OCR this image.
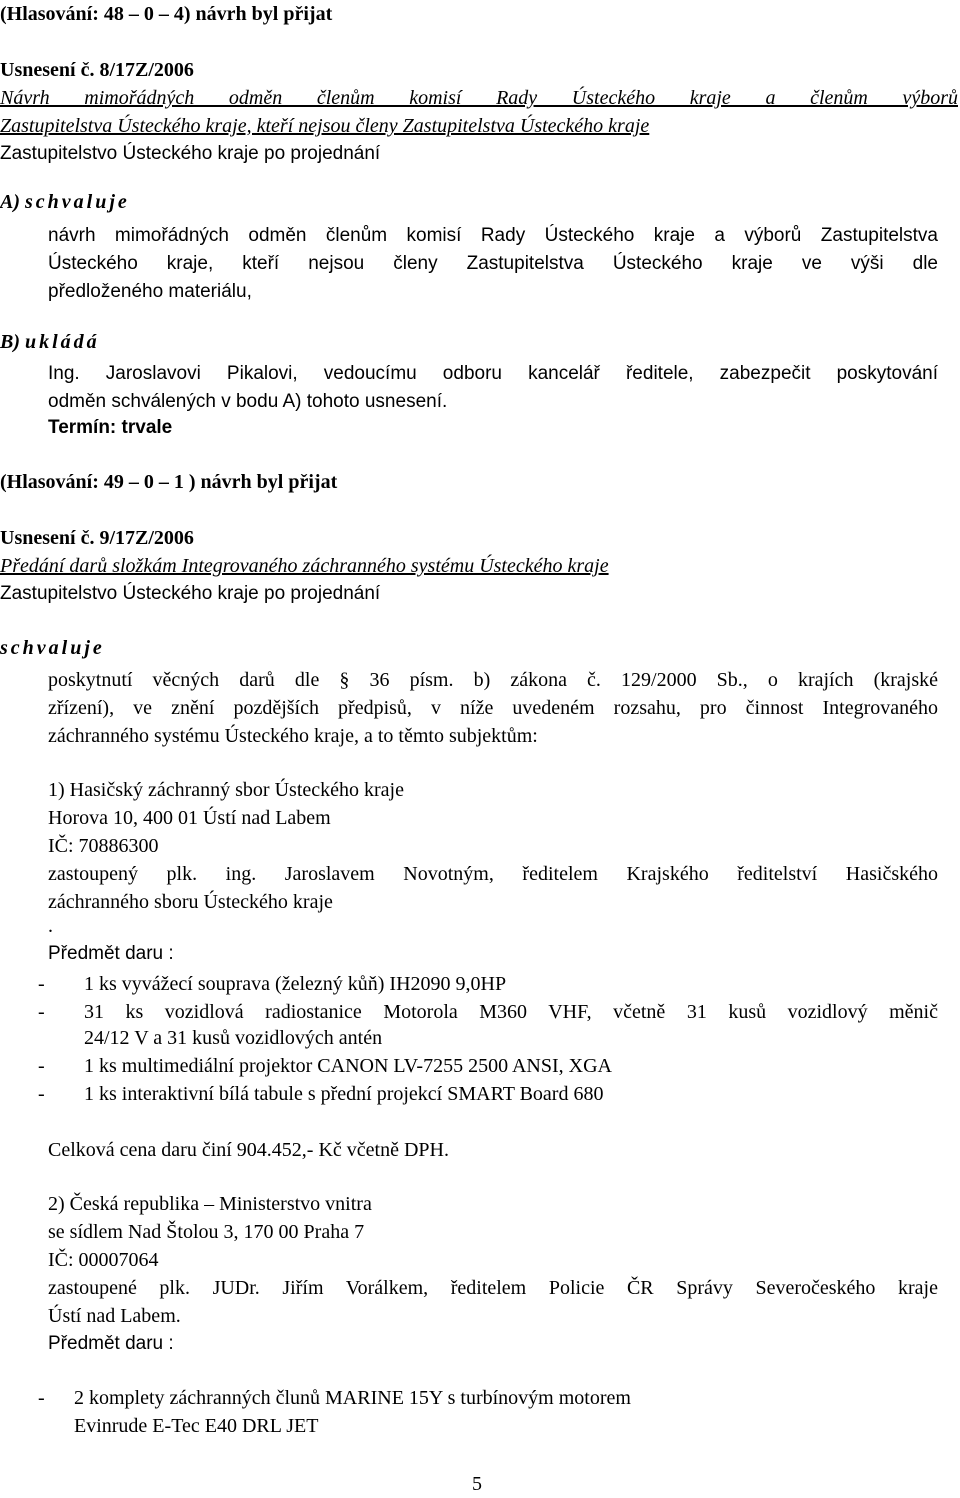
(Hlasování: 48 – 0 – 4) návrh byl přijat
Usnesení č. 8/17Z/2006
Návrh mimořádných odměn členům komisí Rady Ústeckého kraje a členům výborů
Zastupitelstva Ústeckého kraje, kteří nejsou členy Zastupitelstva Ústeckého kraje
Zastupitelstvo Ústeckého kraje po projednání
A) schvaluje
návrh mimořádných odměn členům komisí Rady Ústeckého kraje a výborů Zastupitelstva
Ústeckého kraje, kteří nejsou členy Zastupitelstva Ústeckého kraje ve výši dle
předloženého materiálu,
B) ukládá
Ing. Jaroslavovi Pikalovi, vedoucímu odboru kancelář ředitele, zabezpečit poskytování
odměn schválených v bodu A) tohoto usnesení.
Termín: trvale
(Hlasování: 49 – 0 – 1 ) návrh byl přijat
Usnesení č. 9/17Z/2006
Předání darů složkám Integrovaného záchranného systému Ústeckého kraje
Zastupitelstvo Ústeckého kraje po projednání
schvaluje
poskytnutí věcných darů dle § 36 písm. b) zákona č. 129/2000 Sb., o krajích (krajské
zřízení), ve znění pozdějších předpisů, v níže uvedeném rozsahu, pro činnost Integrovaného
záchranného systému Ústeckého kraje, a to těmto subjektům:
1) Hasičský záchranný sbor Ústeckého kraje
Horova 10, 400 01 Ústí nad Labem
IČ: 70886300
zastoupený plk. ing. Jaroslavem Novotným, ředitelem Krajského ředitelství Hasičského
záchranného sboru Ústeckého kraje
.
Předmět daru :
- 1 ks vyvážecí souprava (železný kůň) IH2090 9,0HP
- 31 ks vozidlová radiostanice Motorola M360 VHF, včetně 31 kusů vozidlový měnič
24/12 V a 31 kusů vozidlových antén
- 1 ks multimediální projektor CANON LV-7255 2500 ANSI, XGA
- 1 ks interaktivní bílá tabule s přední projekcí SMART Board 680
Celková cena daru činí 904.452,- Kč včetně DPH.
2) Česká republika – Ministerstvo vnitra
se sídlem Nad Štolou 3, 170 00 Praha 7
IČ: 00007064
zastoupené plk. JUDr. Jiřím Vorálkem, ředitelem Policie ČR Správy Severočeského kraje
Ústí nad Labem.
Předmět daru :
- 2 komplety záchranných člunů MARINE 15Y s turbínovým motorem
Evinrude E-Tec E40 DRL JET
5
